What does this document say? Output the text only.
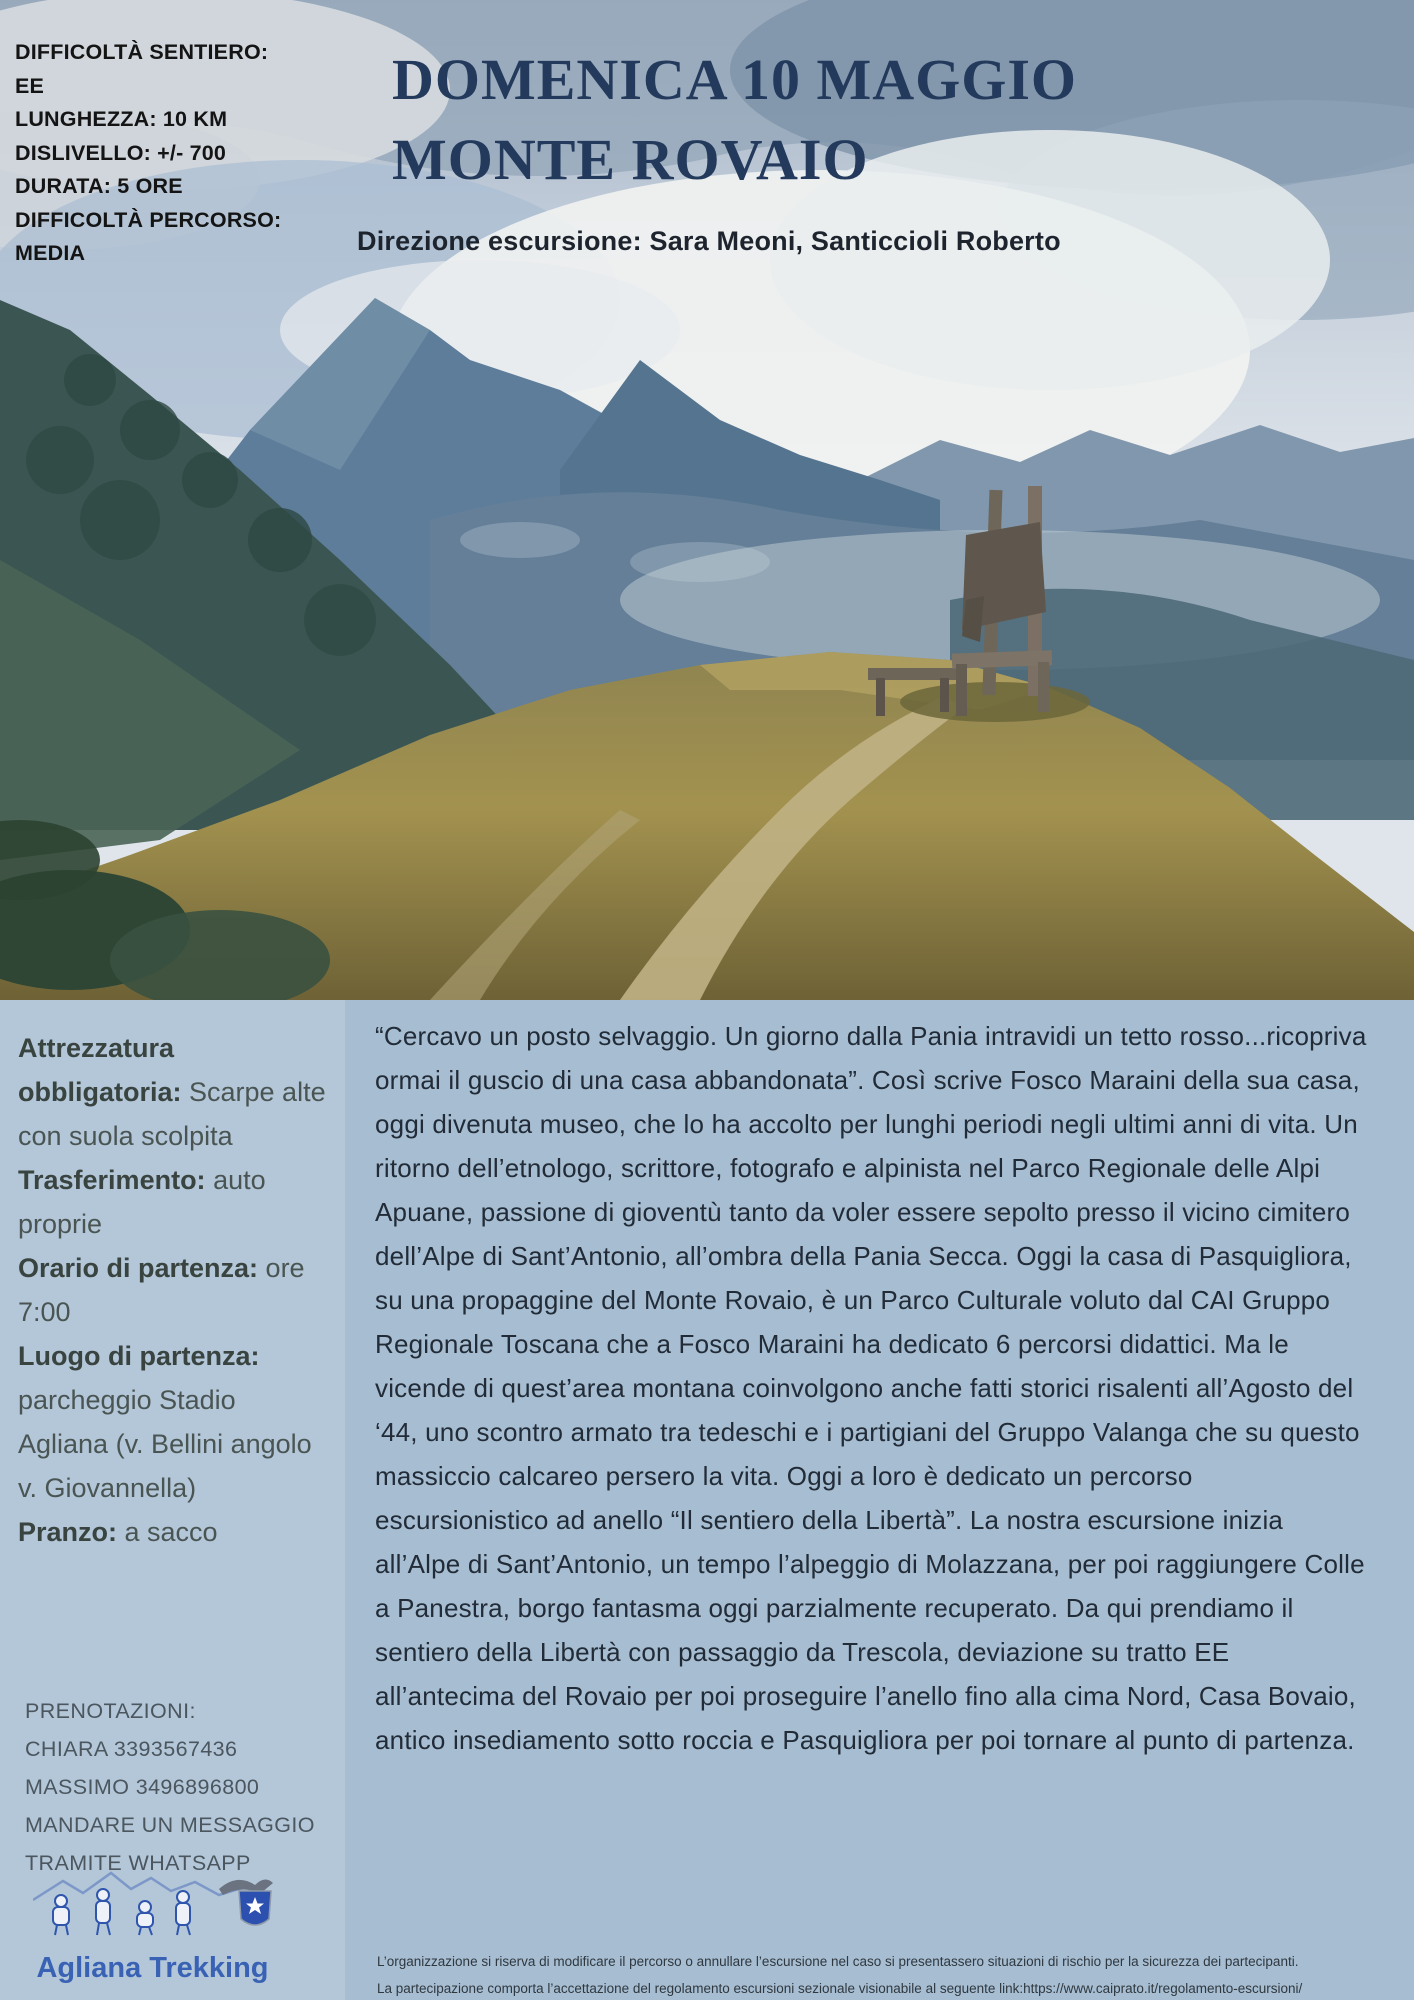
DIFFICOLTÀ SENTIERO: EE
LUNGHEZZA: 10 KM
DISLIVELLO: +/- 700
DURATA: 5 ORE
DIFFICOLTÀ PERCORSO:
MEDIA
DOMENICA 10 MAGGIO
MONTE ROVAIO
Direzione escursione: Sara Meoni, Santiccioli Roberto
Attrezzatura obbligatoria: Scarpe alte con suola scolpita
Trasferimento: auto proprie
Orario di partenza: ore 7:00
Luogo di partenza: parcheggio Stadio Agliana (v. Bellini angolo v. Giovannella)
Pranzo: a sacco
PRENOTAZIONI:
CHIARA 3393567436
MASSIMO 3496896800
MANDARE UN MESSAGGIO
TRAMITE WHATSAPP
Agliana Trekking

“Cercavo un posto selvaggio. Un giorno dalla Pania intravidi un tetto rosso...ricopriva ormai il guscio di una casa abbandonata”. Così scrive Fosco Maraini della sua casa, oggi divenuta museo, che lo ha accolto per lunghi periodi negli ultimi anni di vita. Un ritorno dell’etnologo, scrittore, fotografo e alpinista nel Parco Regionale delle Alpi Apuane, passione di gioventù tanto da voler essere sepolto presso il vicino cimitero dell’Alpe di Sant’Antonio, all’ombra della Pania Secca. Oggi la casa di Pasquigliora, su una propaggine del Monte Rovaio, è un Parco Culturale voluto dal CAI Gruppo Regionale Toscana che a Fosco Maraini ha dedicato 6 percorsi didattici. Ma le vicende di quest’area montana coinvolgono anche fatti storici risalenti all’Agosto del ‘44, uno scontro armato tra tedeschi e i partigiani del Gruppo Valanga che su questo massiccio calcareo persero la vita. Oggi a loro è dedicato un percorso escursionistico ad anello “Il sentiero della Libertà”. La nostra escursione inizia all’Alpe di Sant’Antonio, un tempo l’alpeggio di Molazzana, per poi raggiungere Colle a Panestra, borgo fantasma oggi parzialmente recuperato. Da qui prendiamo il sentiero della Libertà con passaggio da Trescola, deviazione su tratto EE all’antecima del Rovaio per poi proseguire l’anello fino alla cima Nord, Casa Bovaio, antico insediamento sotto roccia e Pasquigliora per poi tornare al punto di partenza.

L’organizzazione si riserva di modificare il percorso o annullare l’escursione nel caso si presentassero situazioni di rischio per la sicurezza dei partecipanti.
La partecipazione comporta l’accettazione del regolamento escursioni sezionale visionabile al seguente link:https://www.caiprato.it/regolamento-escursioni/
